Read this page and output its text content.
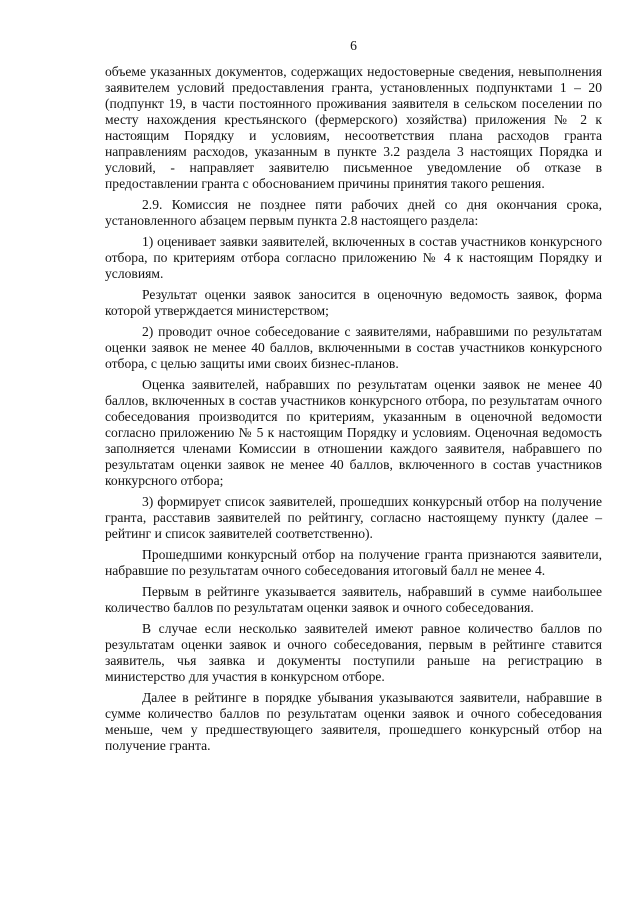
6

объеме указанных документов, содержащих недостоверные сведения, невыполнения заявителем условий предоставления гранта, установленных подпунктами 1 – 20 (подпункт 19, в части постоянного проживания заявителя в сельском поселении по месту нахождения крестьянского (фермерского) хозяйства) приложения № 2 к настоящим Порядку и условиям, несоответствия плана расходов гранта направлениям расходов, указанным в пункте 3.2 раздела 3 настоящих Порядка и условий, - направляет заявителю письменное уведомление об отказе в предоставлении гранта с обоснованием причины принятия такого решения.

2.9. Комиссия не позднее пяти рабочих дней со дня окончания срока, установленного абзацем первым пункта 2.8 настоящего раздела:

1) оценивает заявки заявителей, включенных в состав участников конкурсного отбора, по критериям отбора согласно приложению № 4 к настоящим Порядку и условиям.

Результат оценки заявок заносится в оценочную ведомость заявок, форма которой утверждается министерством;

2) проводит очное собеседование с заявителями, набравшими по результатам оценки заявок не менее 40 баллов, включенными в состав участников конкурсного отбора, с целью защиты ими своих бизнес-планов.

Оценка заявителей, набравших по результатам оценки заявок не менее 40 баллов, включенных в состав участников конкурсного отбора, по результатам очного собеседования производится по критериям, указанным в оценочной ведомости согласно приложению № 5 к настоящим Порядку и условиям. Оценочная ведомость заполняется членами Комиссии в отношении каждого заявителя, набравшего по результатам оценки заявок не менее 40 баллов, включенного в состав участников конкурсного отбора;

3) формирует список заявителей, прошедших конкурсный отбор на получение гранта, расставив заявителей по рейтингу, согласно настоящему пункту (далее – рейтинг и список заявителей соответственно).

Прошедшими конкурсный отбор на получение гранта признаются заявители, набравшие по результатам очного собеседования итоговый балл не менее 4.

Первым в рейтинге указывается заявитель, набравший в сумме наибольшее количество баллов по результатам оценки заявок и очного собеседования.

В случае если несколько заявителей имеют равное количество баллов по результатам оценки заявок и очного собеседования, первым в рейтинге ставится заявитель, чья заявка и документы поступили раньше на регистрацию в министерство для участия в конкурсном отборе.

Далее в рейтинге в порядке убывания указываются заявители, набравшие в сумме количество баллов по результатам оценки заявок и очного собеседования меньше, чем у предшествующего заявителя, прошедшего конкурсный отбор на получение гранта.
